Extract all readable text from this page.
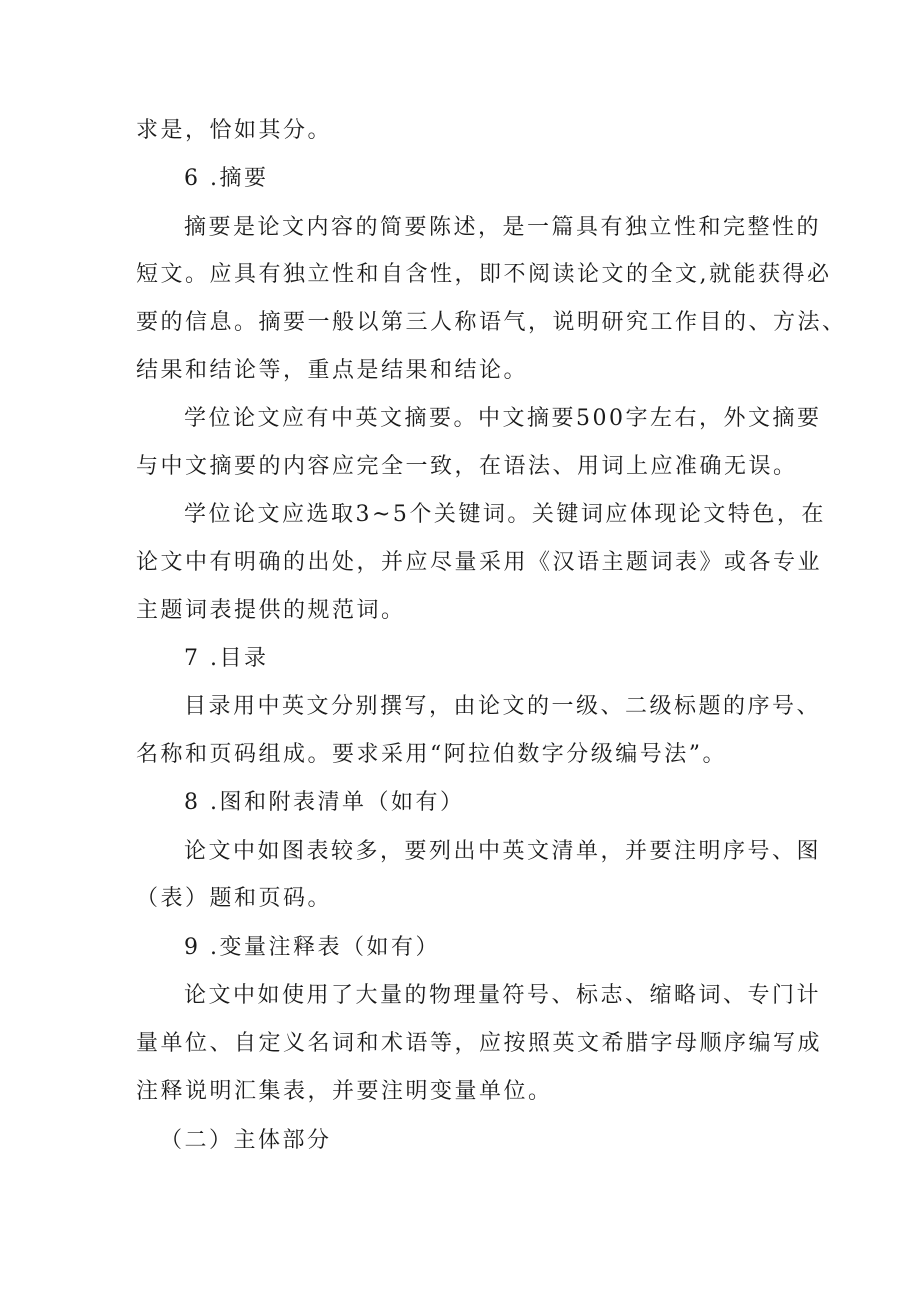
求是，恰如其分。
6 .摘要
摘要是论文内容的简要陈述，是一篇具有独立性和完整性的
短文。应具有独立性和自含性，即不阅读论文的全文,就能获得必
要的信息。摘要一般以第三人称语气，说明研究工作目的、方法、
结果和结论等，重点是结果和结论。
学位论文应有中英文摘要。中文摘要500字左右，外文摘要
与中文摘要的内容应完全一致，在语法、用词上应准确无误。
学位论文应选取3~5个关键词。关键词应体现论文特色，在
论文中有明确的出处，并应尽量采用《汉语主题词表》或各专业
主题词表提供的规范词。
7 .目录
目录用中英文分别撰写，由论文的一级、二级标题的序号、
名称和页码组成。要求采用“阿拉伯数字分级编号法”。
8 .图和附表清单（如有）
论文中如图表较多，要列出中英文清单，并要注明序号、图
（表）题和页码。
9 .变量注释表（如有）
论文中如使用了大量的物理量符号、标志、缩略词、专门计
量单位、自定义名词和术语等，应按照英文希腊字母顺序编写成
注释说明汇集表，并要注明变量单位。
（二）主体部分
